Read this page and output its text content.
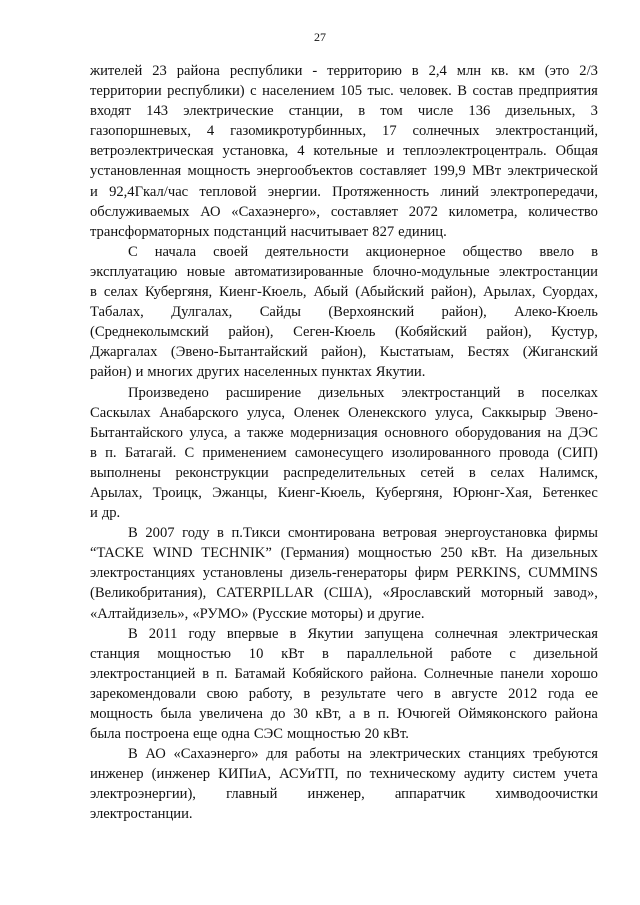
27
жителей 23 района республики - территорию в 2,4 млн кв. км (это 2/3
территории республики) с населением 105 тыс. человек. В состав предприятия
входят 143 электрические станции, в том числе 136 дизельных, 3
газопоршневых, 4 газомикротурбинных, 17 солнечных электростанций,
ветроэлектрическая установка, 4 котельные и теплоэлектроцентраль. Общая
установленная мощность энергообъектов составляет 199,9 МВт электрической
и 92,4Гкал/час тепловой энергии. Протяженность линий электропередачи,
обслуживаемых АО «Сахаэнерго», составляет 2072 километра, количество
трансформаторных подстанций насчитывает 827 единиц.
С начала своей деятельности акционерное общество ввело в
эксплуатацию новые автоматизированные блочно-модульные электростанции
в селах Кубергяня, Киенг-Кюель, Абый (Абыйский район), Арылах, Суордах,
Табалах, Дулгалах, Сайды (Верхоянский район), Алеко-Кюель
(Среднеколымский район), Сеген-Кюель (Кобяйский район), Кустур,
Джаргалах (Эвено-Бытантайский район), Кыстатыам, Бестях (Жиганский
район) и многих других населенных пунктах Якутии.
Произведено расширение дизельных электростанций в поселках
Саскылах Анабарского улуса, Оленек Оленекского улуса, Саккырыр Эвено-
Бытантайского улуса, а также модернизация основного оборудования на ДЭС
в п. Батагай. С применением самонесущего изолированного провода (СИП)
выполнены реконструкции распределительных сетей в селах Налимск,
Арылах, Троицк, Эжанцы, Киенг-Кюель, Кубергяня, Юрюнг-Хая, Бетенкес
и др.
В 2007 году в п.Тикси смонтирована ветровая энергоустановка фирмы
“TACKE WIND TECHNIK” (Германия) мощностью 250 кВт. На дизельных
электростанциях установлены дизель-генераторы фирм PERKINS, CUMMINS
(Великобритания), CATERPILLAR (США), «Ярославский моторный завод»,
«Алтайдизель», «РУМО» (Русские моторы) и другие.
В 2011 году впервые в Якутии запущена солнечная электрическая
станция мощностью 10 кВт в параллельной работе с дизельной
электростанцией в п. Батамай Кобяйского района. Солнечные панели хорошо
зарекомендовали свою работу, в результате чего в августе 2012 года ее
мощность была увеличена до 30 кВт, а в п. Ючюгей Оймяконского района
была построена еще одна СЭС мощностью 20 кВт.
В АО «Сахаэнерго» для работы на электрических станциях требуются
инженер (инженер КИПиА, АСУиТП, по техническому аудиту систем учета
электроэнергии), главный инженер, аппаратчик химводоочистки
электростанции.
